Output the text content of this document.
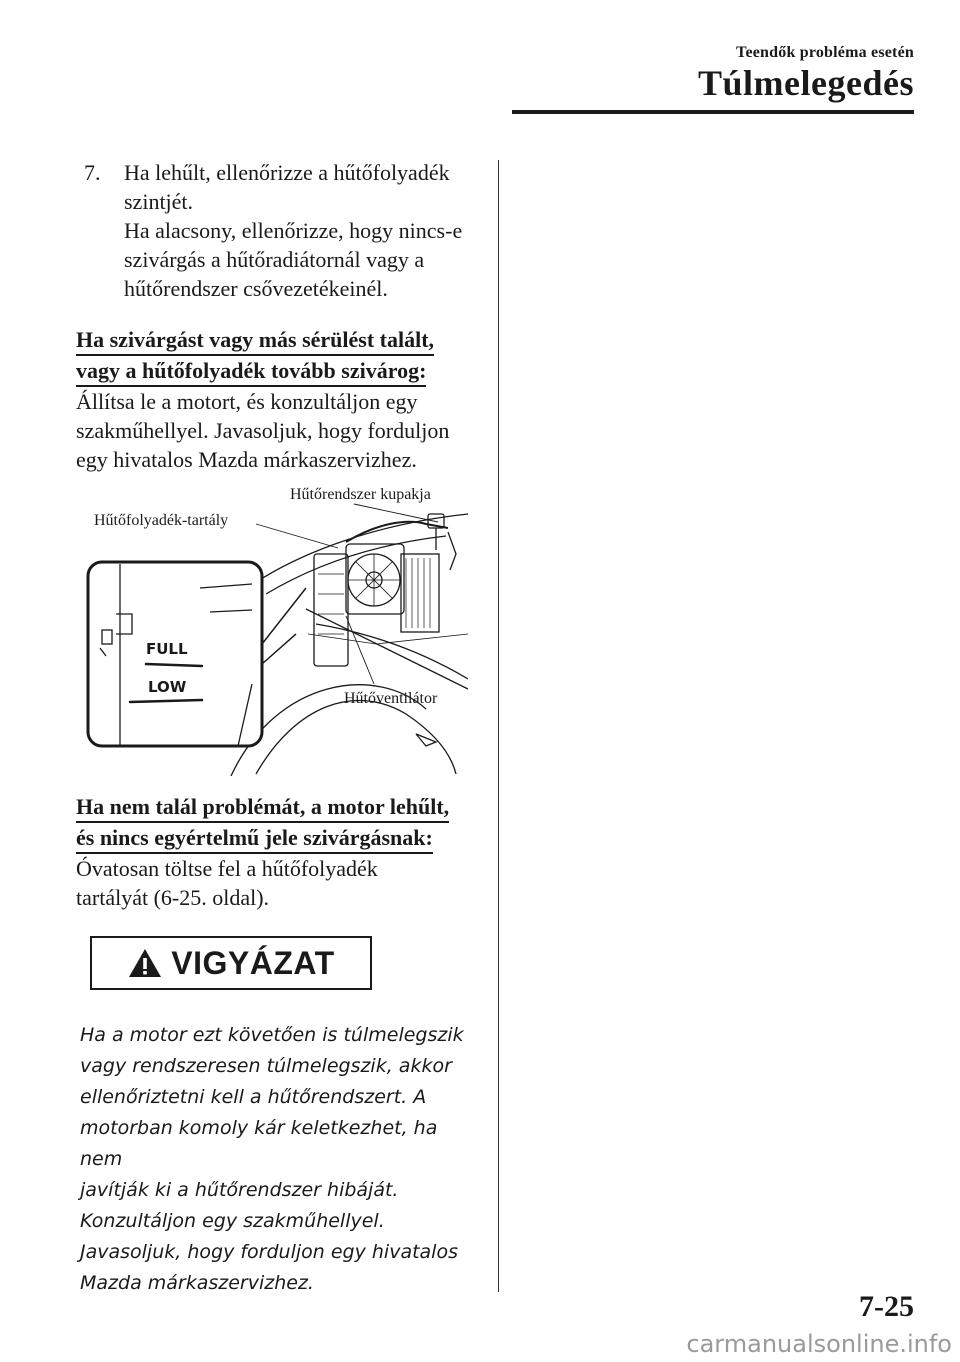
Teendők probléma esetén
Túlmelegedés
7.	Ha lehűlt, ellenőrizze a hűtőfolyadék

szintjét.

Ha alacsony, ellenőrizze, hogy nincs-e

szivárgás a hűtőradiátornál vagy a

hűtőrendszer csővezetékeinél.

Ha szivárgást vagy más sérülést talált,
vagy a hűtőfolyadék tovább szivárog:

Állítsa le a motort, és konzultáljon egy

szakműhellyel. Javasoljuk, hogy forduljon

egy hivatalos Mazda márkaszervizhez.

FULL
LOW
Hűtőrendszer kupakja
Hűtőfolyadék-tartály
Hűtőventilátor
Ha nem talál problémát, a motor lehűlt,
és nincs egyértelmű jele szivárgásnak:

Óvatosan töltse fel a hűtőfolyadék

tartályát (6-25. oldal).

VIGYÁZAT

Ha a motor ezt követően is túlmelegszik

vagy rendszeresen túlmelegszik, akkor

ellenőriztetni kell a hűtőrendszert. A

motorban komoly kár keletkezhet, ha nem

javítják ki a hűtőrendszer hibáját.

Konzultáljon egy szakműhellyel.

Javasoljuk, hogy forduljon egy hivatalos

Mazda márkaszervizhez.

7-25
carmanualsonline.info
